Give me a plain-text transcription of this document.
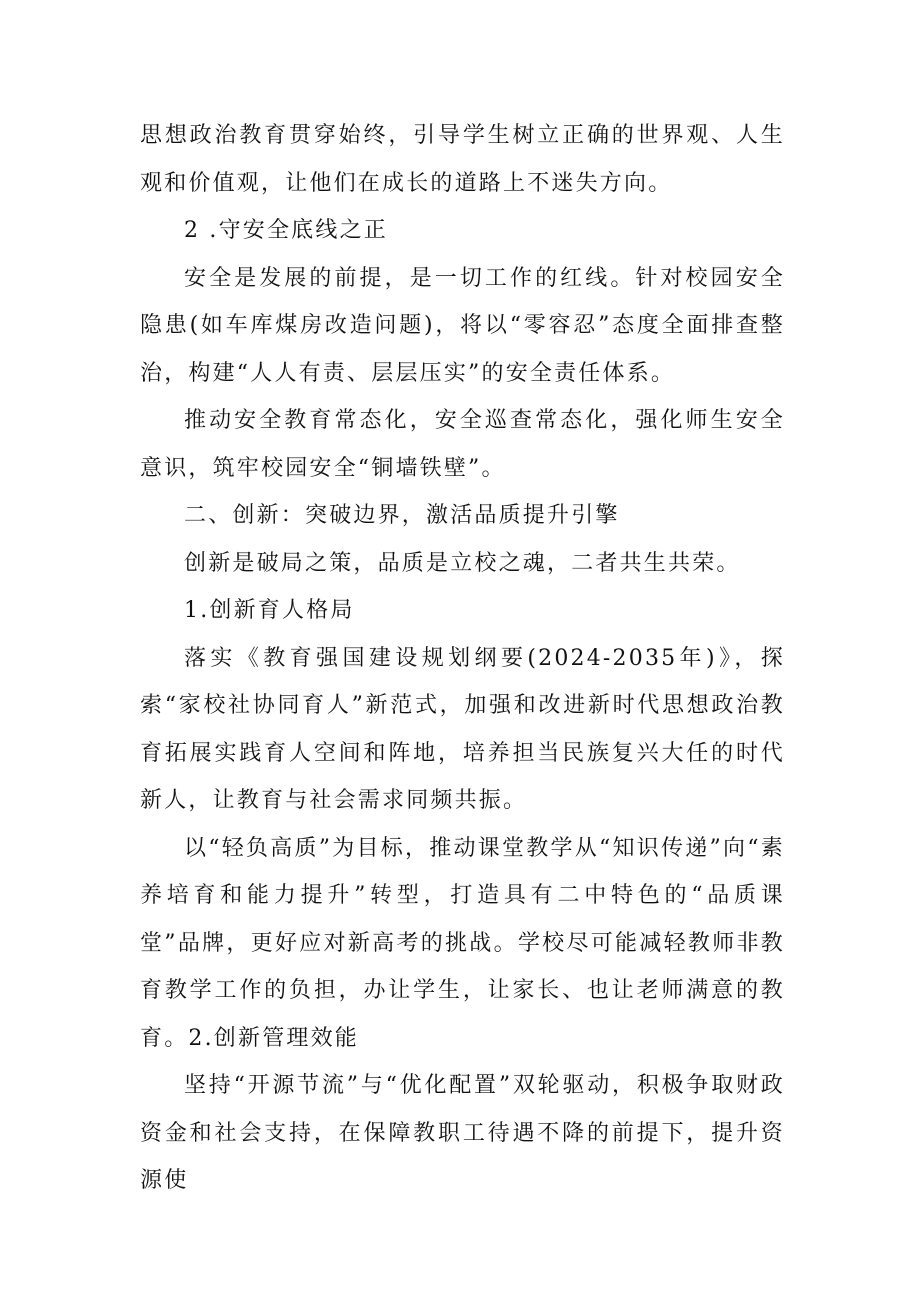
思想政治教育贯穿始终，引导学生树立正确的世界观、人生观和价值观，让他们在成长的道路上不迷失方向。

2 .守安全底线之正

安全是发展的前提，是一切工作的红线。针对校园安全隐患(如车库煤房改造问题)，将以“零容忍”态度全面排查整治，构建“人人有责、层层压实”的安全责任体系。

推动安全教育常态化，安全巡查常态化，强化师生安全意识，筑牢校园安全“铜墙铁壁”。

二、创新：突破边界，激活品质提升引擎

创新是破局之策，品质是立校之魂，二者共生共荣。

1.创新育人格局

落实《教育强国建设规划纲要(2024-2035年)》，探索“家校社协同育人”新范式，加强和改进新时代思想政治教育拓展实践育人空间和阵地，培养担当民族复兴大任的时代新人，让教育与社会需求同频共振。

以“轻负高质”为目标，推动课堂教学从“知识传递”向“素养培育和能力提升”转型，打造具有二中特色的“品质课堂”品牌，更好应对新高考的挑战。学校尽可能减轻教师非教育教学工作的负担，办让学生，让家长、也让老师满意的教育。2.创新管理效能

坚持“开源节流”与“优化配置”双轮驱动，积极争取财政资金和社会支持，在保障教职工待遇不降的前提下，提升资源使
